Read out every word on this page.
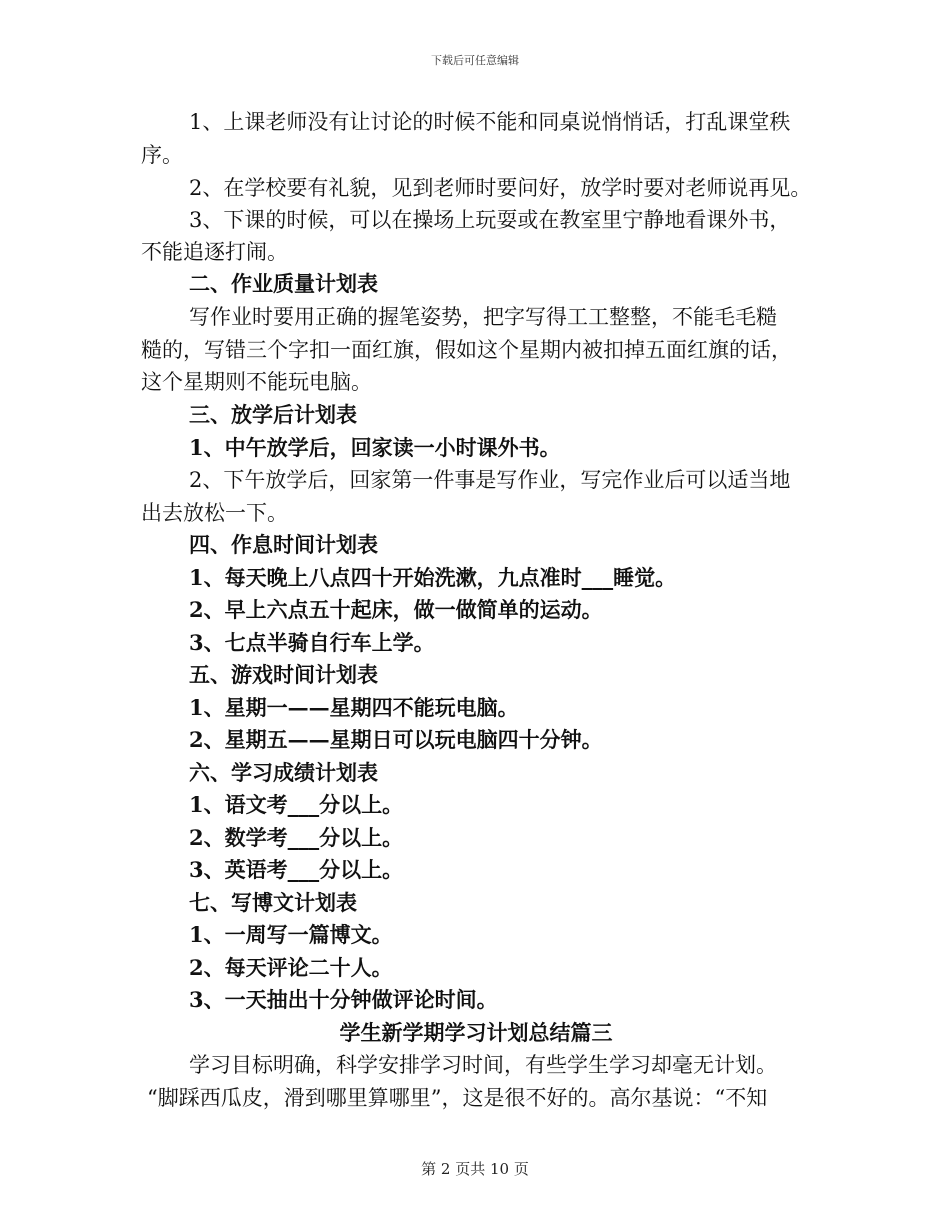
下载后可任意编辑
1、上课老师没有让讨论的时候不能和同桌说悄悄话，打乱课堂秩
序。
2、在学校要有礼貌，见到老师时要问好，放学时要对老师说再见。
3、下课的时候，可以在操场上玩耍或在教室里宁静地看课外书，
不能追逐打闹。
二、作业质量计划表
写作业时要用正确的握笔姿势，把字写得工工整整，不能毛毛糙
糙的，写错三个字扣一面红旗，假如这个星期内被扣掉五面红旗的话，
这个星期则不能玩电脑。
三、放学后计划表
1、中午放学后，回家读一小时课外书。
2、下午放学后，回家第一件事是写作业，写完作业后可以适当地
出去放松一下。
四、作息时间计划表
1、每天晚上八点四十开始洗漱，九点准时___睡觉。
2、早上六点五十起床，做一做简单的运动。
3、七点半骑自行车上学。
五、游戏时间计划表
1、星期一——星期四不能玩电脑。
2、星期五——星期日可以玩电脑四十分钟。
六、学习成绩计划表
1、语文考___分以上。
2、数学考___分以上。
3、英语考___分以上。
七、写博文计划表
1、一周写一篇博文。
2、每天评论二十人。
3、一天抽出十分钟做评论时间。
学生新学期学习计划总结篇三
学习目标明确，科学安排学习时间，有些学生学习却毫无计划。
“脚踩西瓜皮，滑到哪里算哪里”，这是很不好的。高尔基说：“不知
第 2 页共 10 页
